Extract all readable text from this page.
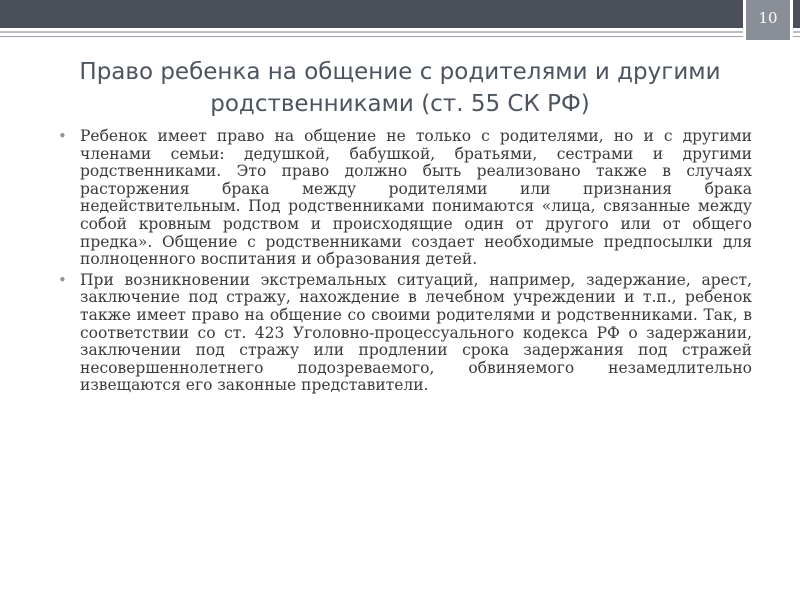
10
Право ребенка на общение с родителями и другими
родственниками (ст. 55 СК РФ)
• Ребенок имеет право на общение не только с родителями, но и с другими членами семьи: дедушкой, бабушкой, братьями, сестрами и другими родственниками. Это право должно быть реализовано также в случаях расторжения брака между родителями или признания брака недействительным. Под родственниками понимаются «лица, связанные между собой кровным родством и происходящие один от другого или от общего предка». Общение с родственниками создает необходимые предпосылки для полноценного воспитания и образования детей.
• При возникновении экстремальных ситуаций, например, задержание, арест, заключение под стражу, нахождение в лечебном учреждении и т.п., ребенок также имеет право на общение со своими родителями и родственниками. Так, в соответствии со ст. 423 Уголовно-процессуального кодекса РФ о задержании, заключении под стражу или продлении срока задержания под стражей несовершеннолетнего подозреваемого, обвиняемого незамедлительно извещаются его законные представители.
